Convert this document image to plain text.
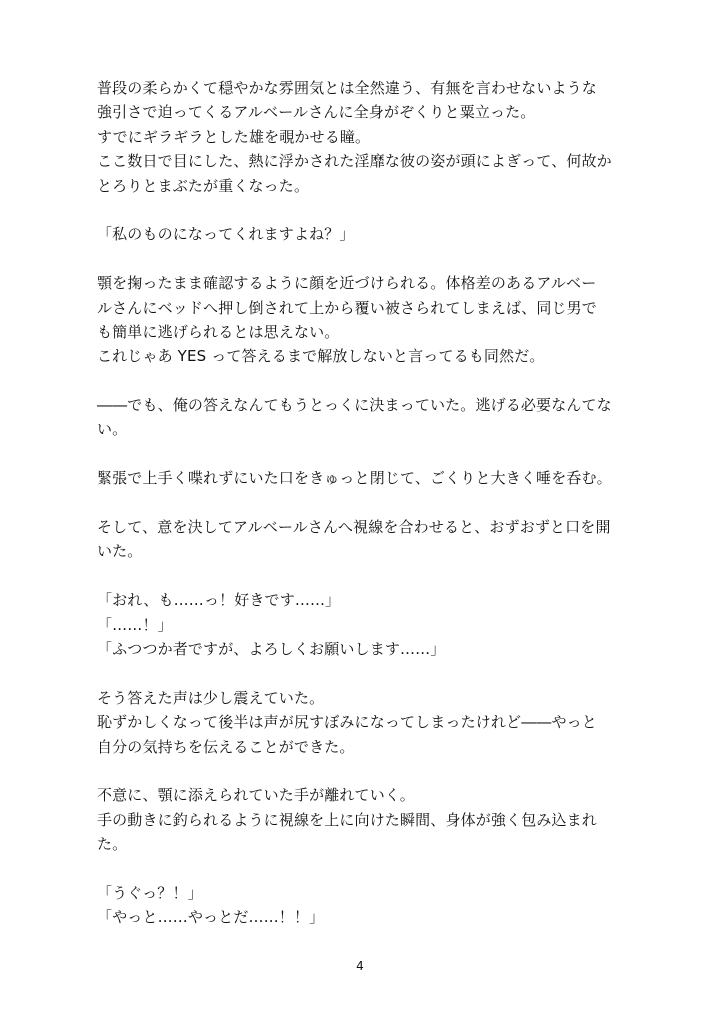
普段の柔らかくて穏やかな雰囲気とは全然違う、有無を言わせないような
強引さで迫ってくるアルベールさんに全身がぞくりと粟立った。
すでにギラギラとした雄を覗かせる瞳。
ここ数日で目にした、熱に浮かされた淫靡な彼の姿が頭によぎって、何故か
とろりとまぶたが重くなった。
「私のものになってくれますよね？」
顎を掬ったまま確認するように顔を近づけられる。体格差のあるアルベー
ルさんにベッドへ押し倒されて上から覆い被さられてしまえば、同じ男で
も簡単に逃げられるとは思えない。
これじゃあ YES って答えるまで解放しないと言ってるも同然だ。
――でも、俺の答えなんてもうとっくに決まっていた。逃げる必要なんてな
い。
緊張で上手く喋れずにいた口をきゅっと閉じて、ごくりと大きく唾を呑む。
そして、意を決してアルベールさんへ視線を合わせると、おずおずと口を開
いた。
「おれ、も……っ！好きです……」
「……！」
「ふつつか者ですが、よろしくお願いします……」
そう答えた声は少し震えていた。
恥ずかしくなって後半は声が尻すぼみになってしまったけれど――やっと
自分の気持ちを伝えることができた。
不意に、顎に添えられていた手が離れていく。
手の動きに釣られるように視線を上に向けた瞬間、身体が強く包み込まれ
た。
「うぐっ？！」
「やっと……やっとだ……！！」
4
